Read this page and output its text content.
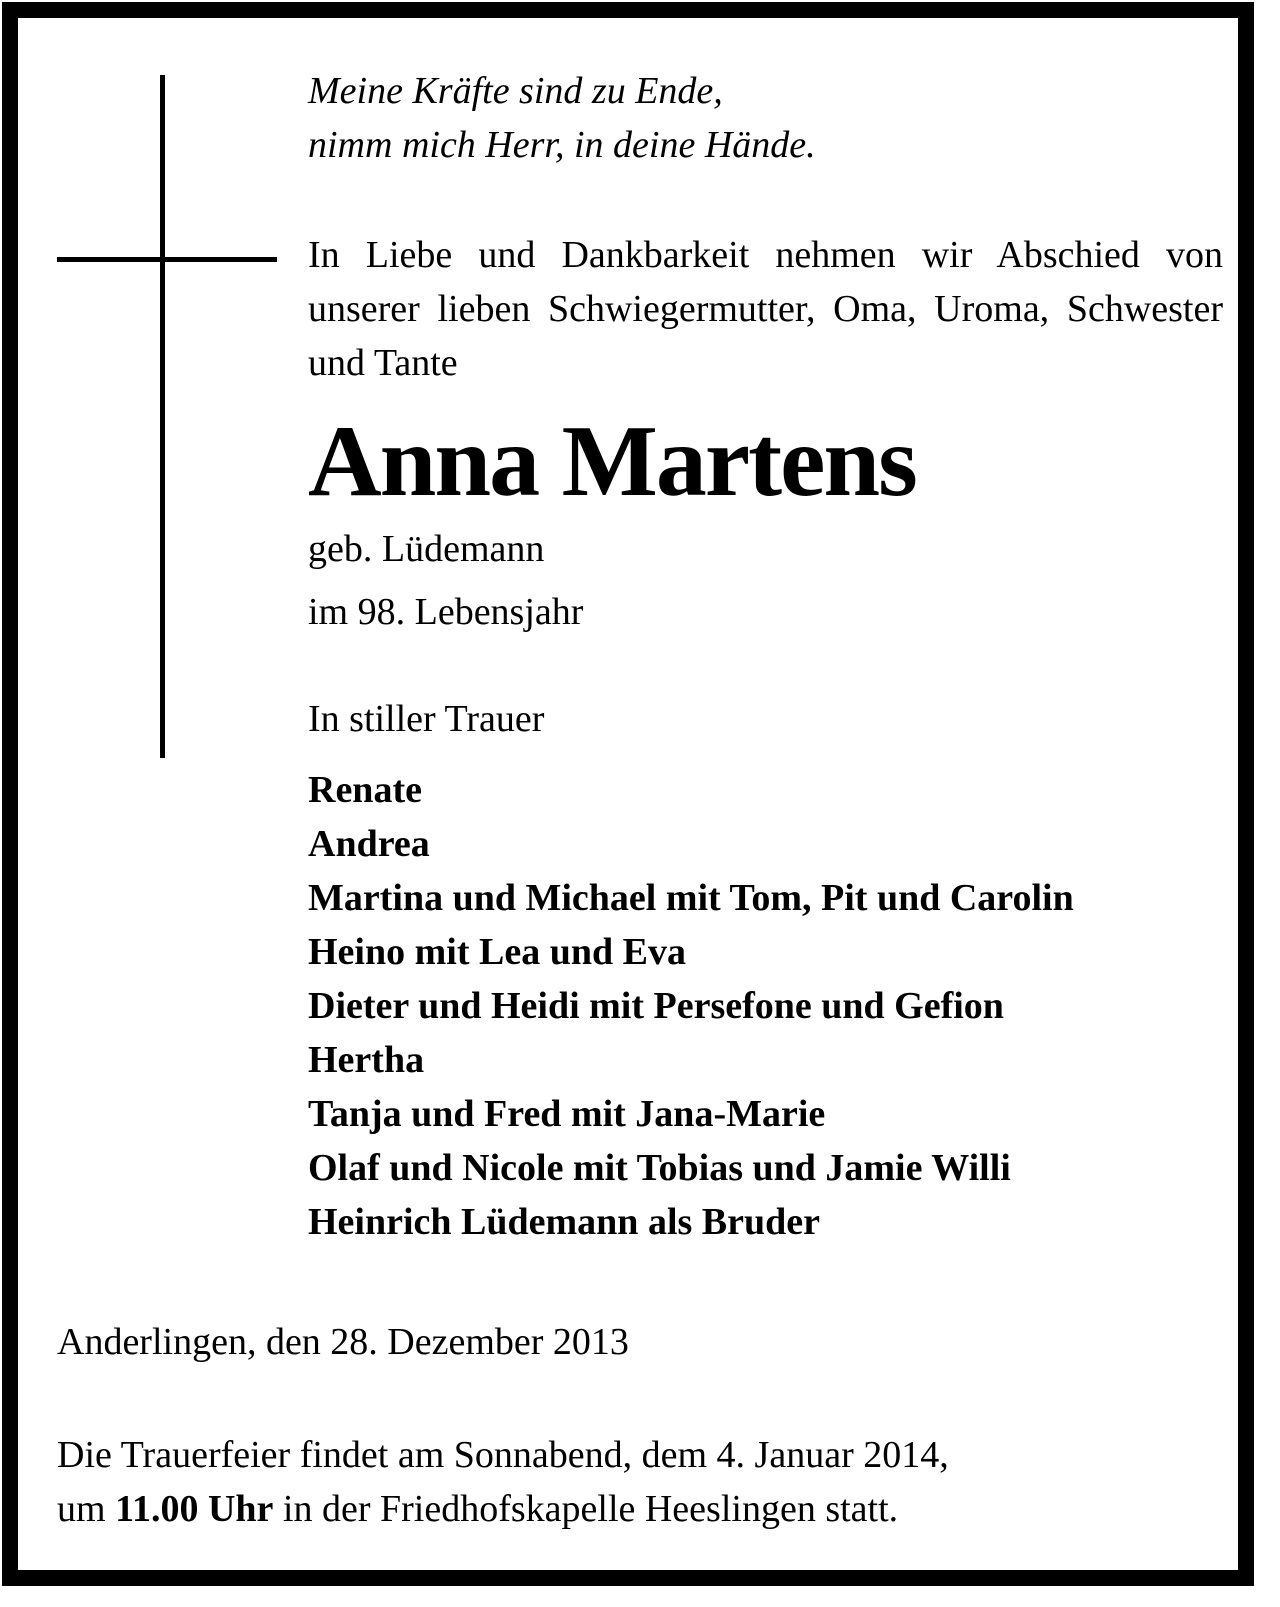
Meine Kräfte sind zu Ende,
nimm mich Herr, in deine Hände.
In Liebe und Dankbarkeit nehmen wir Abschied von unserer lieben Schwiegermutter, Oma, Uroma, Schwester und Tante
Anna Martens
geb. Lüdemann
im 98. Lebensjahr
In stiller Trauer
Renate
Andrea
Martina und Michael mit Tom, Pit und Carolin
Heino mit Lea und Eva
Dieter und Heidi mit Persefone und Gefion
Hertha
Tanja und Fred mit Jana-Marie
Olaf und Nicole mit Tobias und Jamie Willi
Heinrich Lüdemann als Bruder
Anderlingen, den 28. Dezember 2013
Die Trauerfeier findet am Sonnabend, dem 4. Januar 2014,
um 11.00 Uhr in der Friedhofskapelle Heeslingen statt.
